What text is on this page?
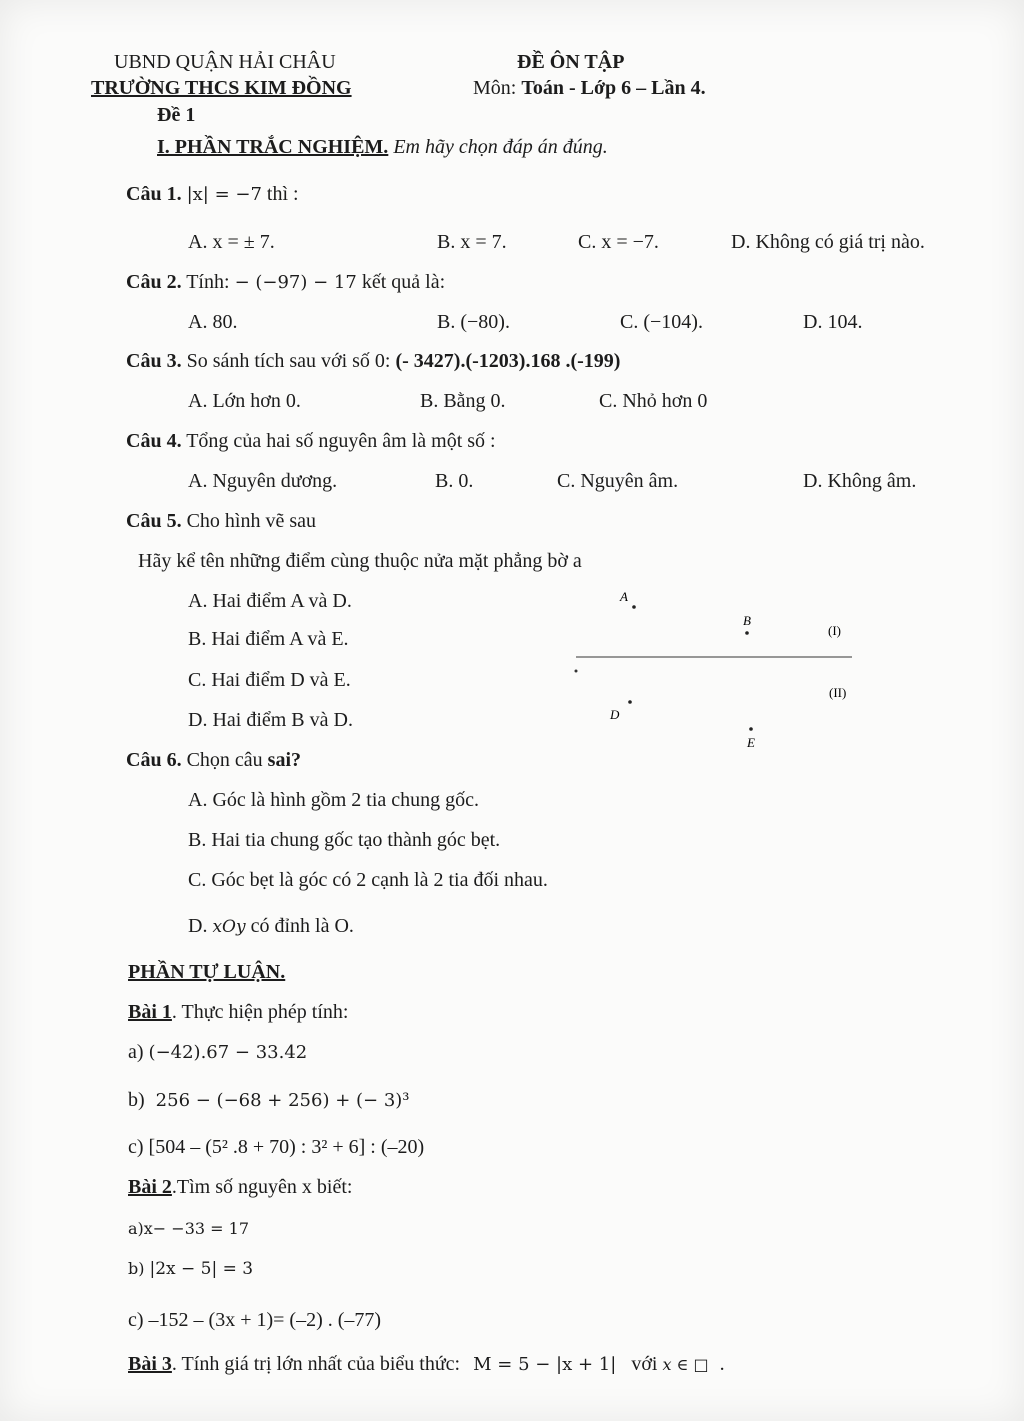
UBND QUẬN HẢI CHÂU
TRƯỜNG THCS KIM ĐỒNG
Đề 1
ĐỀ ÔN TẬP
Môn: Toán - Lớp 6 – Lần 4.
I. PHẦN TRẮC NGHIỆM. Em hãy chọn đáp án đúng.
Câu 1. |x| = −7 thì :
A. x = ± 7.	B. x = 7.	C. x = −7.	D. Không có giá trị nào.
Câu 2. Tính: − (−97) − 17 kết quả là:
A. 80.	B. (−80).	C. (−104).	D. 104.
Câu 3. So sánh tích sau với số 0: (- 3427).(-1203).168 .(-199)
A. Lớn hơn 0.	B. Bằng 0.	C. Nhỏ hơn 0
Câu 4. Tổng của hai số nguyên âm là một số :
A. Nguyên dương.	B. 0.	C. Nguyên âm.	D. Không âm.
Câu 5. Cho hình vẽ sau
Hãy kể tên những điểm cùng thuộc nửa mặt phẳng bờ a
A. Hai điểm A và D.
B. Hai điểm A và E.
C. Hai điểm D và E.
D. Hai điểm B và D.
A
B
(I)
D
(II)
E
Câu 6. Chọn câu sai?
A. Góc là hình gồm 2 tia chung gốc.
B. Hai tia chung gốc tạo thành góc bẹt.
C. Góc bẹt là góc có 2 cạnh là 2 tia đối nhau.
D. xOy có đỉnh là O.
PHẦN TỰ LUẬN.
Bài 1. Thực hiện phép tính:
a) (−42).67 − 33.42
b) 256 − (−68 + 256) + (− 3)³
c) [504 – (5² .8 + 70) : 3² + 6] : (–20)
Bài 2.Tìm số nguyên x biết:
a)x− −33 = 17
b) |2x − 5| = 3
c) –152 – (3x + 1)= (–2) . (–77)
Bài 3. Tính giá trị lớn nhất của biểu thức: M = 5 − |x + 1| với x ∈ □ .
